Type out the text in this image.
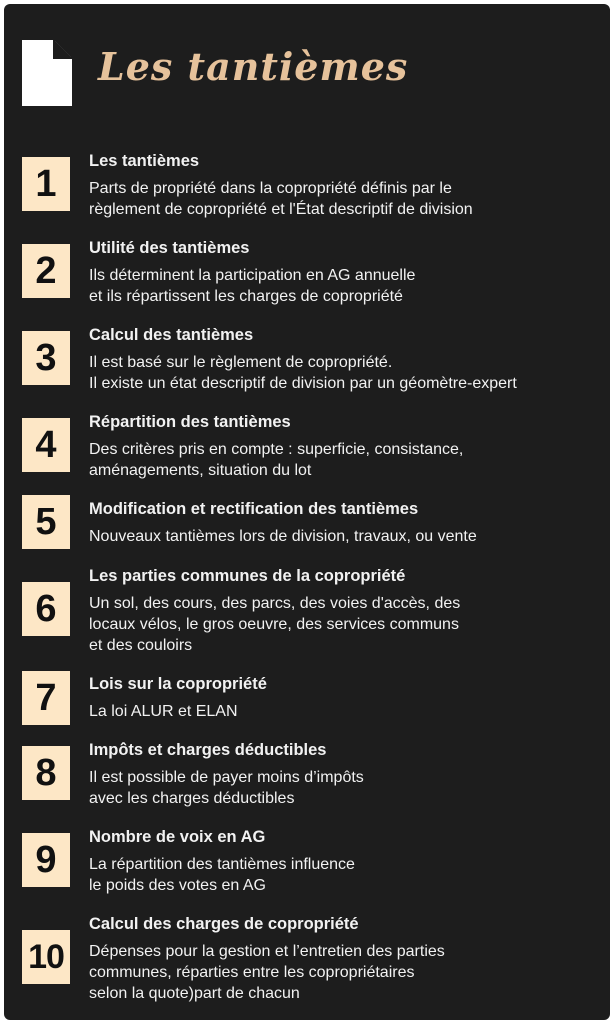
Les tantièmes
1
Les tantièmes
Parts de propriété dans la copropriété définis par le
règlement de copropriété et l'État descriptif de division
2
Utilité des tantièmes
Ils déterminent la participation en AG annuelle
et ils répartissent les charges de copropriété
3
Calcul des tantièmes
Il est basé sur le règlement de copropriété.
Il existe un état descriptif de division par un géomètre-expert
4
Répartition des tantièmes
Des critères pris en compte : superficie, consistance,
aménagements, situation du lot
5	Modification et rectification des tantièmes
Nouveaux tantièmes lors de division, travaux, ou vente
6
Les parties communes de la copropriété
Un sol, des cours, des parcs, des voies d'accès, des
locaux vélos, le gros oeuvre, des services communs
et des couloirs
7	Lois sur la copropriété
La loi ALUR et ELAN
8
Impôts et charges déductibles
Il est possible de payer moins d’impôts
avec les charges déductibles
9
Nombre de voix en AG
La répartition des tantièmes influence
le poids des votes en AG
10
Calcul des charges de copropriété
Dépenses pour la gestion et l’entretien des parties
communes, réparties entre les copropriétaires
selon la quote)part de chacun
